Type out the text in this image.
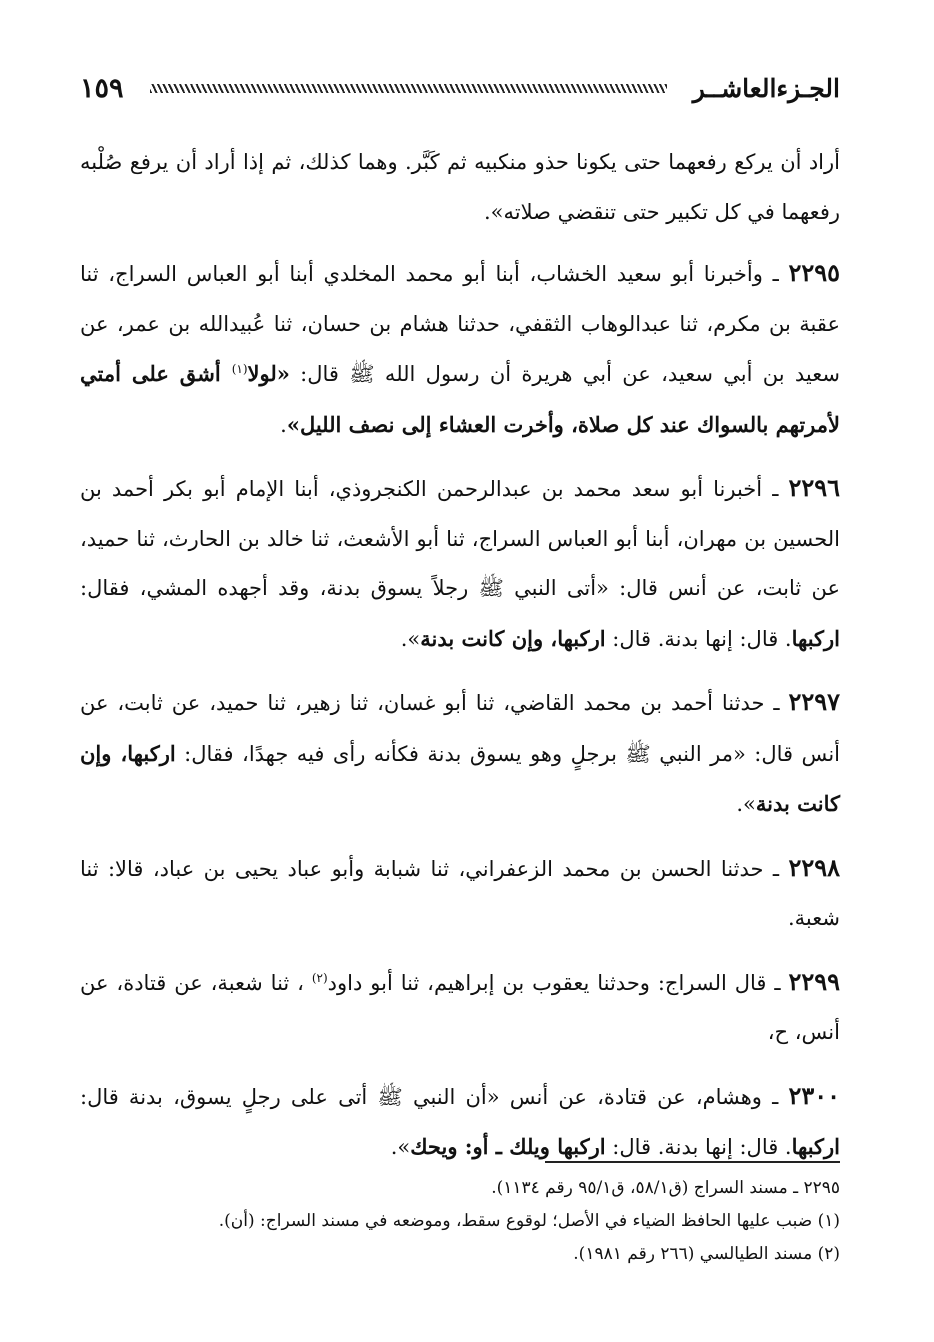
الجـزءالعاشــر
١٥٩

أراد أن يركع رفعهما حتى يكونا حذو منكبيه ثم كَبَّر. وهما كذلك، ثم إذا أراد أن يرفع صُلْبه رفعهما في كل تكبير حتى تنقضي صلاته».

٢٢٩٥ ـ وأخبرنا أبو سعيد الخشاب، أبنا أبو محمد المخلدي أبنا أبو العباس السراج، ثنا عقبة بن مكرم، ثنا عبدالوهاب الثقفي، حدثنا هشام بن حسان، ثنا عُبيدالله بن عمر، عن سعيد بن أبي سعيد، عن أبي هريرة أن رسول الله ﷺ قال: «لولا$^{(١)}$ أشق على أمتي لأمرتهم بالسواك عند كل صلاة، وأخرت العشاء إلى نصف الليل».

٢٢٩٦ ـ أخبرنا أبو سعد محمد بن عبدالرحمن الكنجروذي، أبنا الإمام أبو بكر أحمد بن الحسين بن مهران، أبنا أبو العباس السراج، ثنا أبو الأشعث، ثنا خالد بن الحارث، ثنا حميد، عن ثابت، عن أنس قال: «أتى النبي ﷺ رجلاً يسوق بدنة، وقد أجهده المشي، فقال: اركبها. قال: إنها بدنة. قال: اركبها، وإن كانت بدنة».

٢٢٩٧ ـ حدثنا أحمد بن محمد القاضي، ثنا أبو غسان، ثنا زهير، ثنا حميد، عن ثابت، عن أنس قال: «مر النبي ﷺ برجلٍ وهو يسوق بدنة فكأنه رأى فيه جهدًا، فقال: اركبها، وإن كانت بدنة».

٢٢٩٨ ـ حدثنا الحسن بن محمد الزعفراني، ثنا شبابة وأبو عباد يحيى بن عباد، قالا: ثنا شعبة.

٢٢٩٩ ـ قال السراج: وحدثنا يعقوب بن إبراهيم، ثنا أبو داود$^{(٢)}$ ، ثنا شعبة، عن قتادة، عن أنس، ح،

٢٣٠٠ ـ وهشام، عن قتادة، عن أنس «أن النبي ﷺ أتى على رجلٍ يسوق، بدنة قال: اركبها. قال: إنها بدنة. قال: اركبها ويلك ـ أو: ويحك».

٢٢٩٥ ـ مسند السراج (ق٥٨/١، ق٩٥/١ رقم ١١٣٤).

(١) ضبب عليها الحافظ الضياء في الأصل؛ لوقوع سقط، وموضعه في مسند السراج: (أن).

(٢) مسند الطيالسي (٢٦٦ رقم ١٩٨١).
